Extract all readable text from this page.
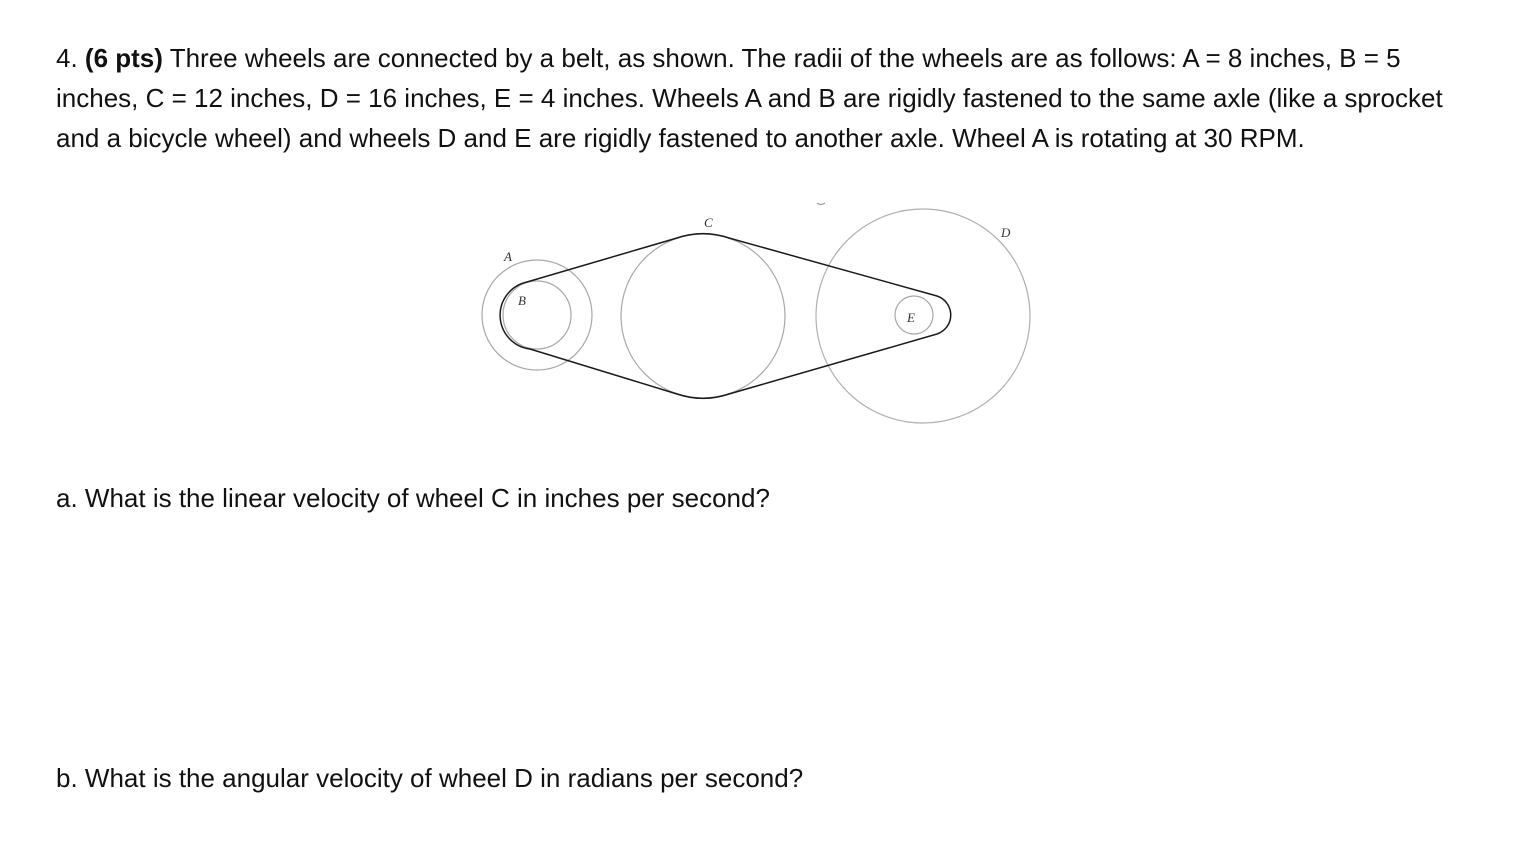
4. (6 pts) Three wheels are connected by a belt, as shown. The radii of the wheels are as follows: A = 8 inches, B = 5 inches, C = 12 inches, D = 16 inches, E = 4 inches. Wheels A and B are rigidly fastened to the same axle (like a sprocket and a bicycle wheel) and wheels D and E are rigidly fastened to another axle. Wheel A is rotating at 30 RPM.

A
B
C
D
E

a. What is the linear velocity of wheel C in inches per second?

b. What is the angular velocity of wheel D in radians per second?
